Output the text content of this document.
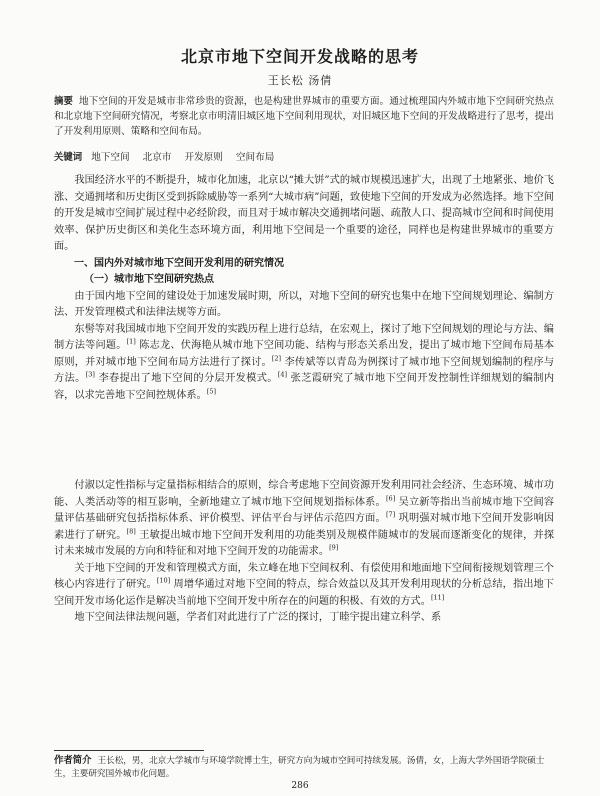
北京市地下空间开发战略的思考
王长松 汤倩
摘要 地下空间的开发是城市非常珍贵的资源，也是构建世界城市的重要方面。通过梳理国内外城市地下空间研究热点和北京地下空间研究情况，考察北京市明清旧城区地下空间利用现状，对旧城区地下空间的开发战略进行了思考，提出了开发利用原则、策略和空间布局。
关键词 地下空间 北京市 开发原则 空间布局

我国经济水平的不断提升，城市化加速，北京以“摊大饼”式的城市规模迅速扩大，出现了土地紧张、地价飞涨、交通拥堵和历史街区受到拆除威胁等一系列“大城市病”问题，致使地下空间的开发成为必然选择。地下空间的开发是城市空间扩展过程中必经阶段，而且对于城市解决交通拥堵问题、疏散人口、提高城市空间和时间使用效率、保护历史街区和美化生态环境方面，利用地下空间是一个重要的途径，同样也是构建世界城市的重要方面。

一、国内外对城市地下空间开发利用的研究情况

（一）城市地下空间研究热点

由于国内地下空间的建设处于加速发展时期，所以，对地下空间的研究也集中在地下空间规划理论、编制方法、开发管理模式和法律法规等方面。

东髻等对我国城市地下空间开发的实践历程上进行总结，在宏观上，探讨了地下空间规划的理论与方法、编制方法等问题。[1] 陈志龙、伏海艳从城市地下空间功能、结构与形态关系出发，提出了城市地下空间布局基本原则，并对城市地下空间布局方法进行了探讨。[2] 李传斌等以青岛为例探讨了城市地下空间规划编制的程序与方法。[3] 李春提出了地下空间的分层开发模式。[4] 张芝霞研究了城市地下空间开发控制性详细规划的编制内容，以求完善地下空间控规体系。[5]

付淑以定性指标与定量指标相结合的原则，综合考虑地下空间资源开发利用同社会经济、生态环境、城市功能、人类活动等的相互影响，全新地建立了城市地下空间规划指标体系。[6] 吴立新等指出当前城市地下空间容量评估基础研究包括指标体系、评价模型、评估平台与评估示范四方面。[7] 巩明强对城市地下空间开发影响因素进行了研究。[8] 王敏提出城市地下空间开发利用的功能类别及规模伴随城市的发展而逐渐变化的规律，并探讨未来城市发展的方向和特征和对地下空间开发的功能需求。[9]

关于地下空间的开发和管理模式方面，朱立峰在地下空间权利、有偿使用和地面地下空间衔接规划管理三个核心内容进行了研究。[10] 周增华通过对地下空间的特点，综合效益以及其开发利用现状的分析总结，指出地下空间开发市场化运作是解决当前地下空间开发中所存在的问题的积极、有效的方式。[11]

地下空间法律法规问题，学者们对此进行了广泛的探讨，丁睦宇提出建立科学、系

作者简介 王长松，男，北京大学城市与环境学院博士生，研究方向为城市空间可持续发展。汤倩，女，上海大学外国语学院硕士生，主要研究国外城市化问题。
286
